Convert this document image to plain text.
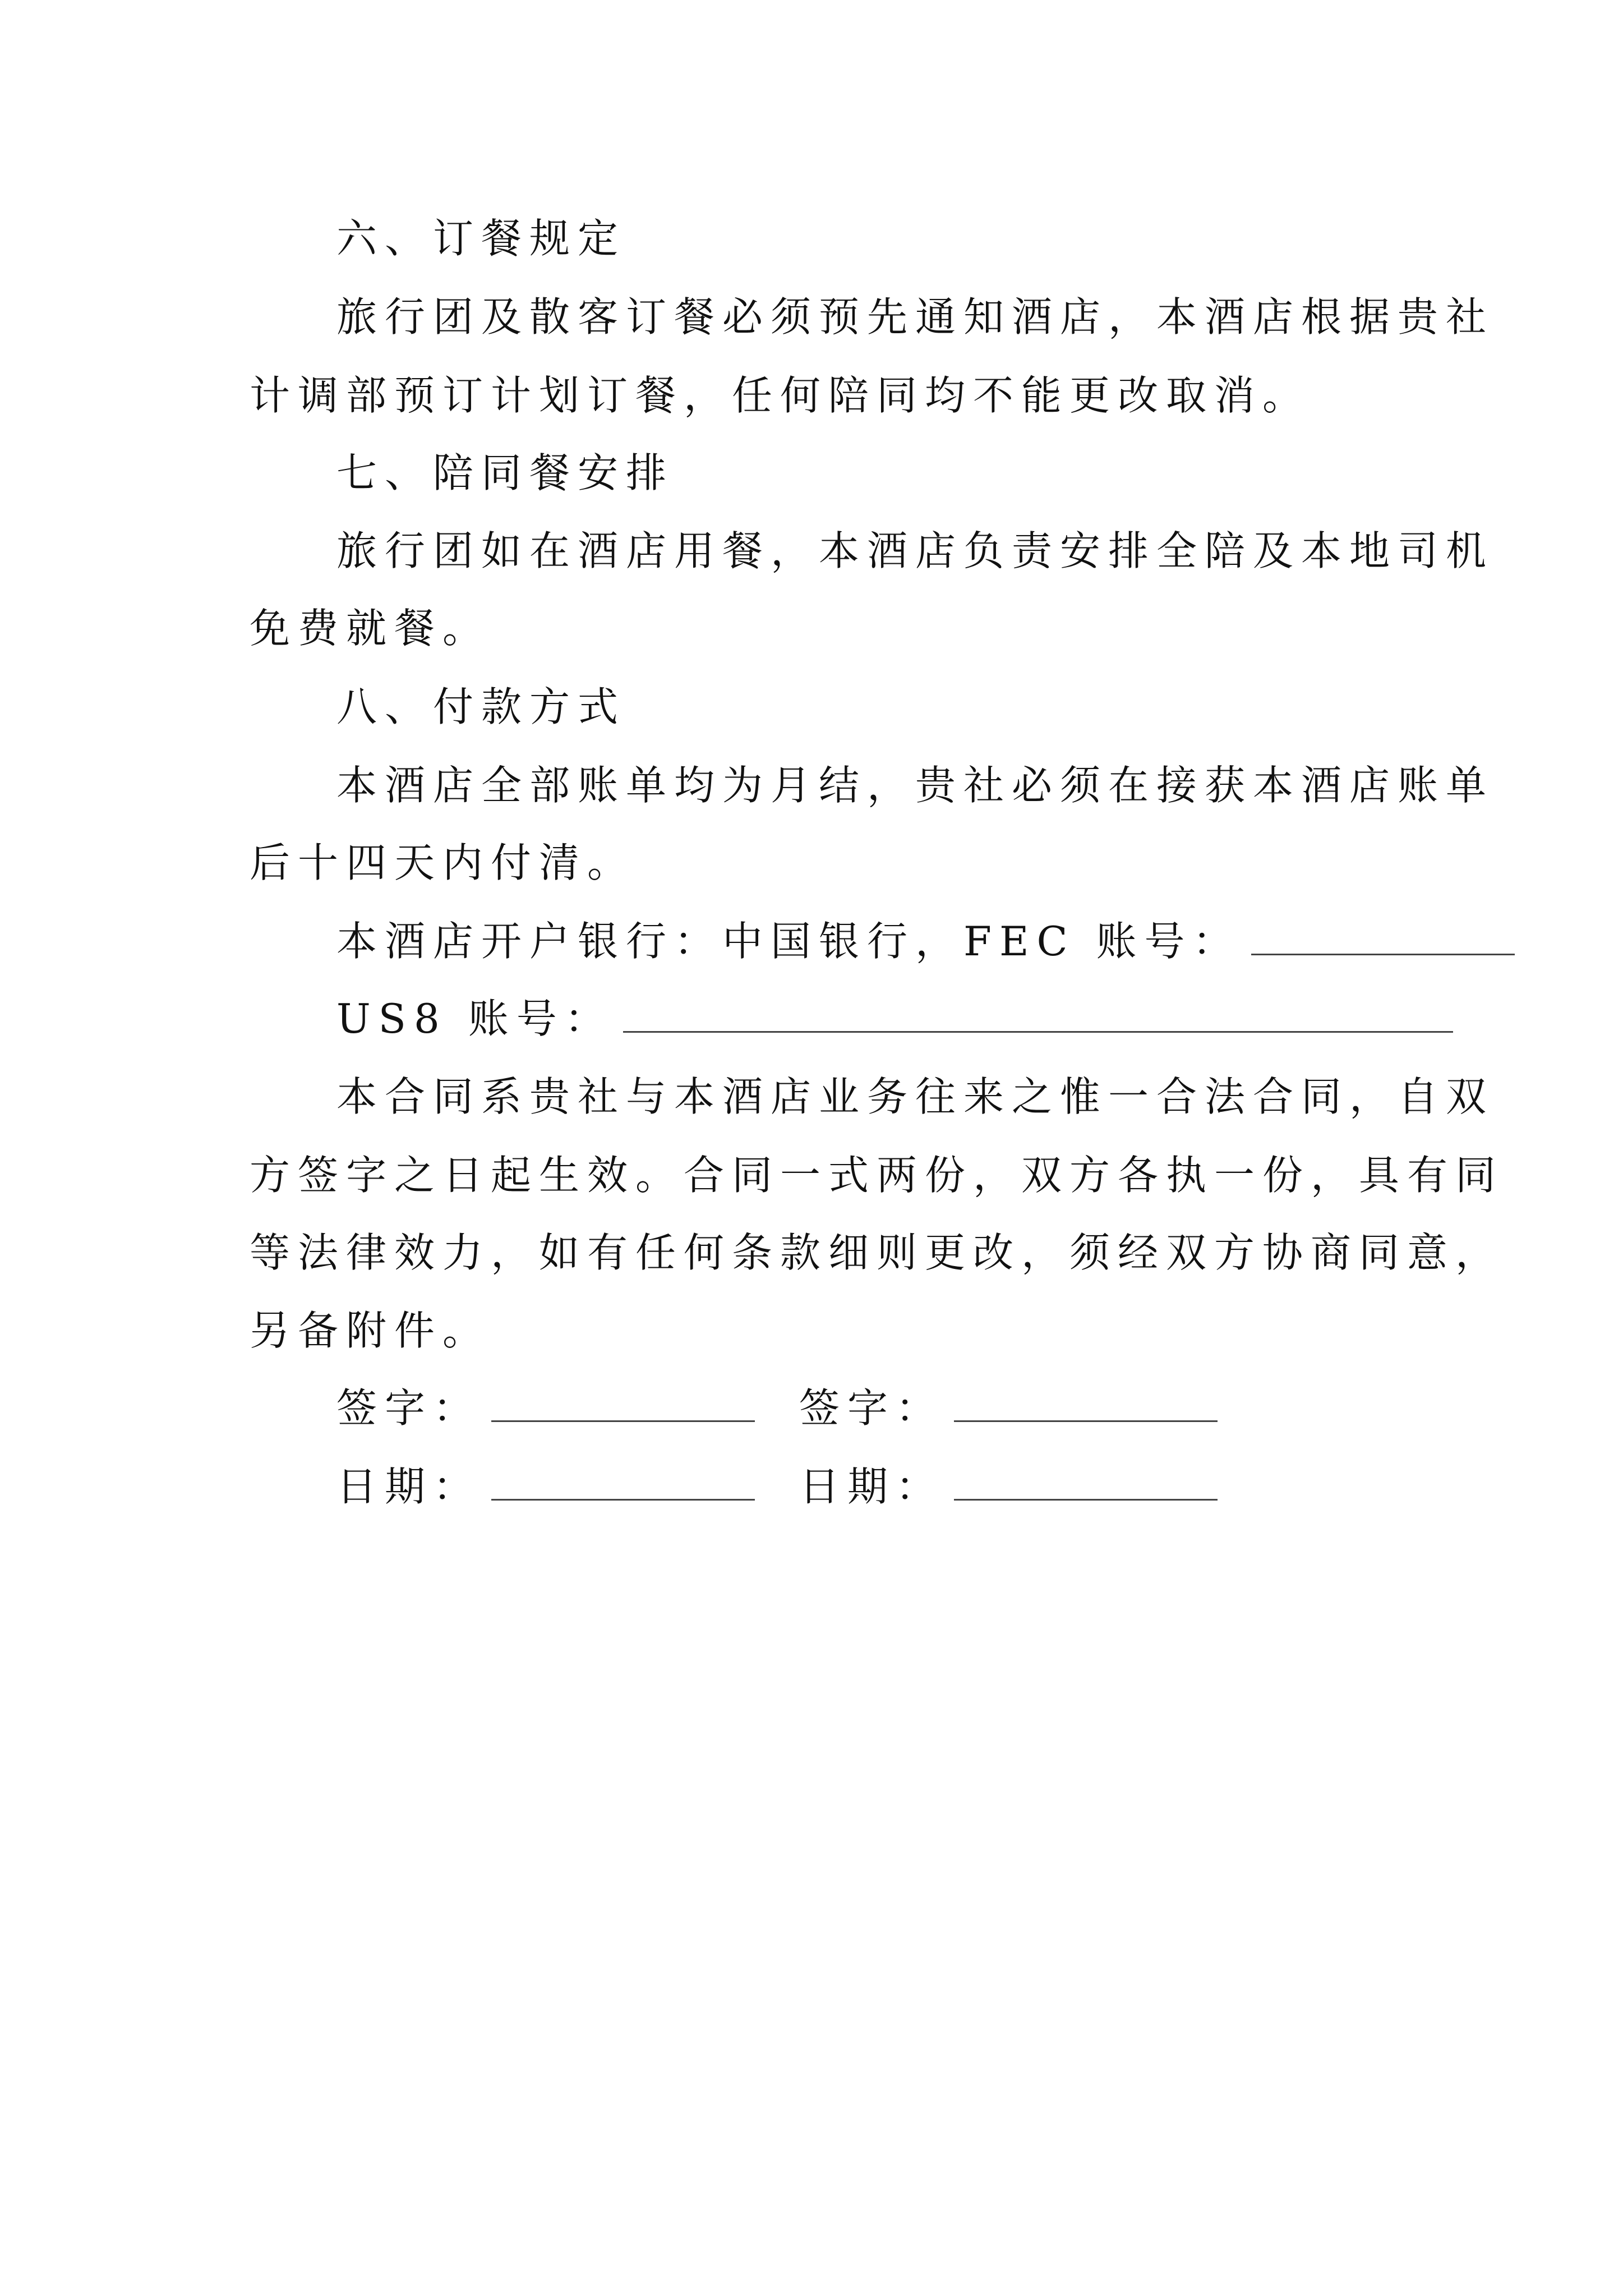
六、订餐规定
旅行团及散客订餐必须预先通知酒店，本酒店根据贵社
计调部预订计划订餐，任何陪同均不能更改取消。
七、陪同餐安排
旅行团如在酒店用餐，本酒店负责安排全陪及本地司机
免费就餐。
八、付款方式
本酒店全部账单均为月结，贵社必须在接获本酒店账单
后十四天内付清。
本酒店开户银行：中国银行，FEC 账号：
US8 账号：
本合同系贵社与本酒店业务往来之惟一合法合同，自双
方签字之日起生效。合同一式两份，双方各执一份，具有同
等法律效力，如有任何条款细则更改，须经双方协商同意，
另备附件。
签字：	签字：
日期：	日期：
